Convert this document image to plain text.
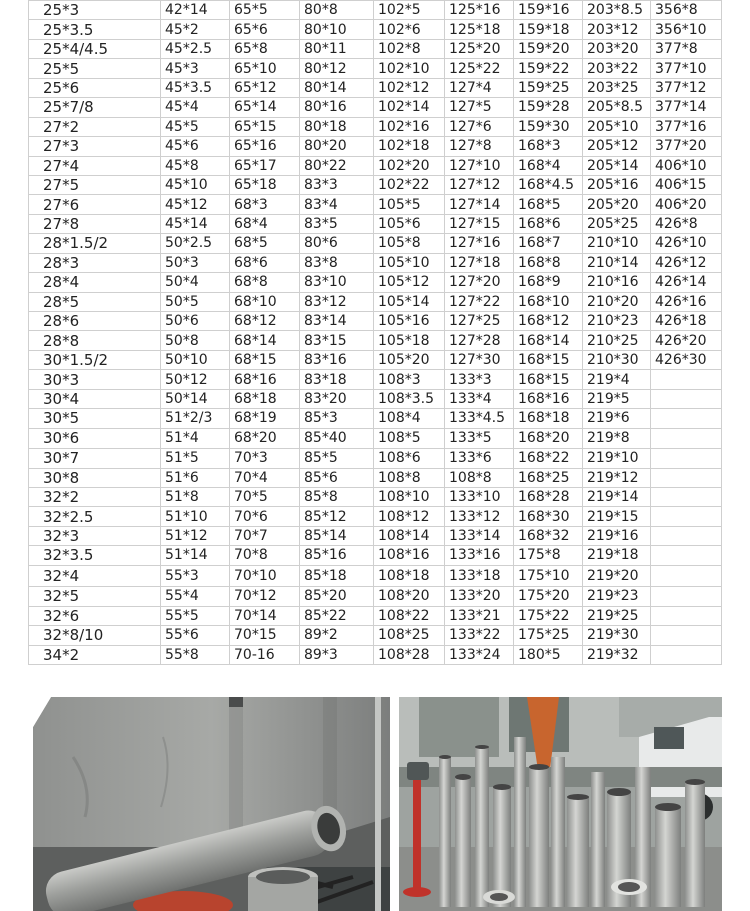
25*3	42*14	65*5	80*8	102*5	125*16	159*16	203*8.5	356*8
25*3.5	45*2	65*6	80*10	102*6	125*18	159*18	203*12	356*10
25*4/4.5	45*2.5	65*8	80*11	102*8	125*20	159*20	203*20	377*8
25*5	45*3	65*10	80*12	102*10	125*22	159*22	203*22	377*10
25*6	45*3.5	65*12	80*14	102*12	127*4	159*25	203*25	377*12
25*7/8	45*4	65*14	80*16	102*14	127*5	159*28	205*8.5	377*14
27*2	45*5	65*15	80*18	102*16	127*6	159*30	205*10	377*16
27*3	45*6	65*16	80*20	102*18	127*8	168*3	205*12	377*20
27*4	45*8	65*17	80*22	102*20	127*10	168*4	205*14	406*10
27*5	45*10	65*18	83*3	102*22	127*12	168*4.5	205*16	406*15
27*6	45*12	68*3	83*4	105*5	127*14	168*5	205*20	406*20
27*8	45*14	68*4	83*5	105*6	127*15	168*6	205*25	426*8
28*1.5/2	50*2.5	68*5	80*6	105*8	127*16	168*7	210*10	426*10
28*3	50*3	68*6	83*8	105*10	127*18	168*8	210*14	426*12
28*4	50*4	68*8	83*10	105*12	127*20	168*9	210*16	426*14
28*5	50*5	68*10	83*12	105*14	127*22	168*10	210*20	426*16
28*6	50*6	68*12	83*14	105*16	127*25	168*12	210*23	426*18
28*8	50*8	68*14	83*15	105*18	127*28	168*14	210*25	426*20
30*1.5/2	50*10	68*15	83*16	105*20	127*30	168*15	210*30	426*30
30*3	50*12	68*16	83*18	108*3	133*3	168*15	219*4	
30*4	50*14	68*18	83*20	108*3.5	133*4	168*16	219*5	
30*5	51*2/3	68*19	85*3	108*4	133*4.5	168*18	219*6	
30*6	51*4	68*20	85*40	108*5	133*5	168*20	219*8	
30*7	51*5	70*3	85*5	108*6	133*6	168*22	219*10	
30*8	51*6	70*4	85*6	108*8	108*8	168*25	219*12	
32*2	51*8	70*5	85*8	108*10	133*10	168*28	219*14	
32*2.5	51*10	70*6	85*12	108*12	133*12	168*30	219*15	
32*3	51*12	70*7	85*14	108*14	133*14	168*32	219*16	
32*3.5	51*14	70*8	85*16	108*16	133*16	175*8	219*18	
32*4	55*3	70*10	85*18	108*18	133*18	175*10	219*20	
32*5	55*4	70*12	85*20	108*20	133*20	175*20	219*23	
32*6	55*5	70*14	85*22	108*22	133*21	175*22	219*25	
32*8/10	55*6	70*15	89*2	108*25	133*22	175*25	219*30	
34*2	55*8	70-16	89*3	108*28	133*24	180*5	219*32	
